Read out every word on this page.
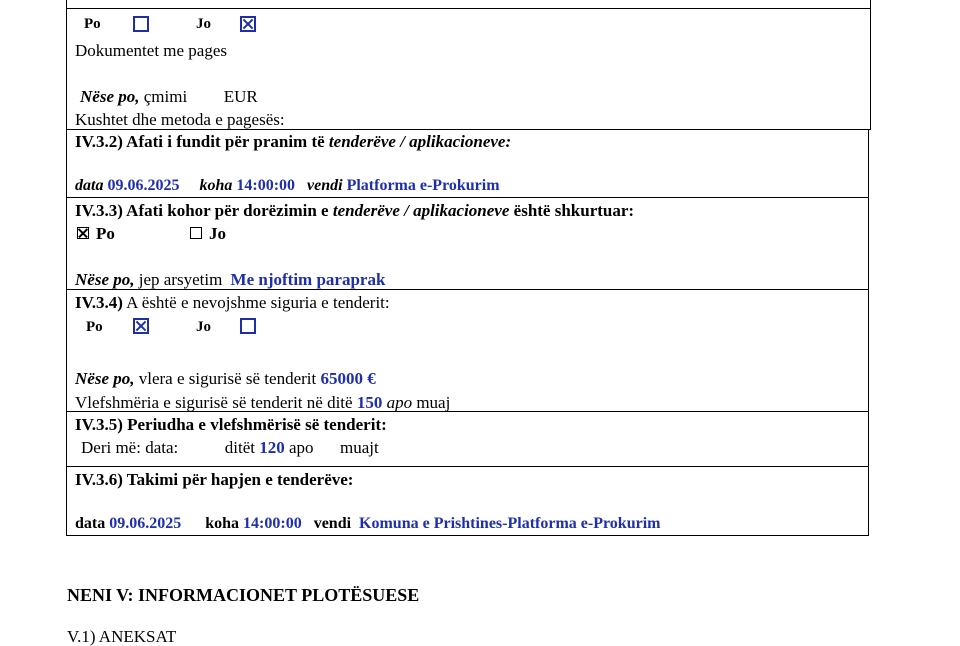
Po	Jo
Dokumentet me pages
Nëse po, çmimi EUR
Kushtet dhe metoda e pagesës:
IV.3.2) Afati i fundit për pranim të tenderëve / aplikacioneve:
data 09.06.2025 koha 14:00:00 vendi Platforma e-Prokurim
IV.3.3) Afati kohor për dorëzimin e tenderëve / aplikacioneve është shkurtuar:
Po	Jo
Nëse po, jep arsyetim Me njoftim paraprak
IV.3.4) A është e nevojshme siguria e tenderit:
Po	Jo
Nëse po, vlera e sigurisë së tenderit 65000 €
Vlefshmëria e sigurisë së tenderit në ditë 150 apo muaj
IV.3.5) Periudha e vlefshmërisë së tenderit:
Deri më: data:	ditët 120 apo muajt
IV.3.6) Takimi për hapjen e tenderëve:
data 09.06.2025 koha 14:00:00 vendi Komuna e Prishtines-Platforma e-Prokurim
NENI V: INFORMACIONET PLOTËSUESE
V.1) ANEKSAT
